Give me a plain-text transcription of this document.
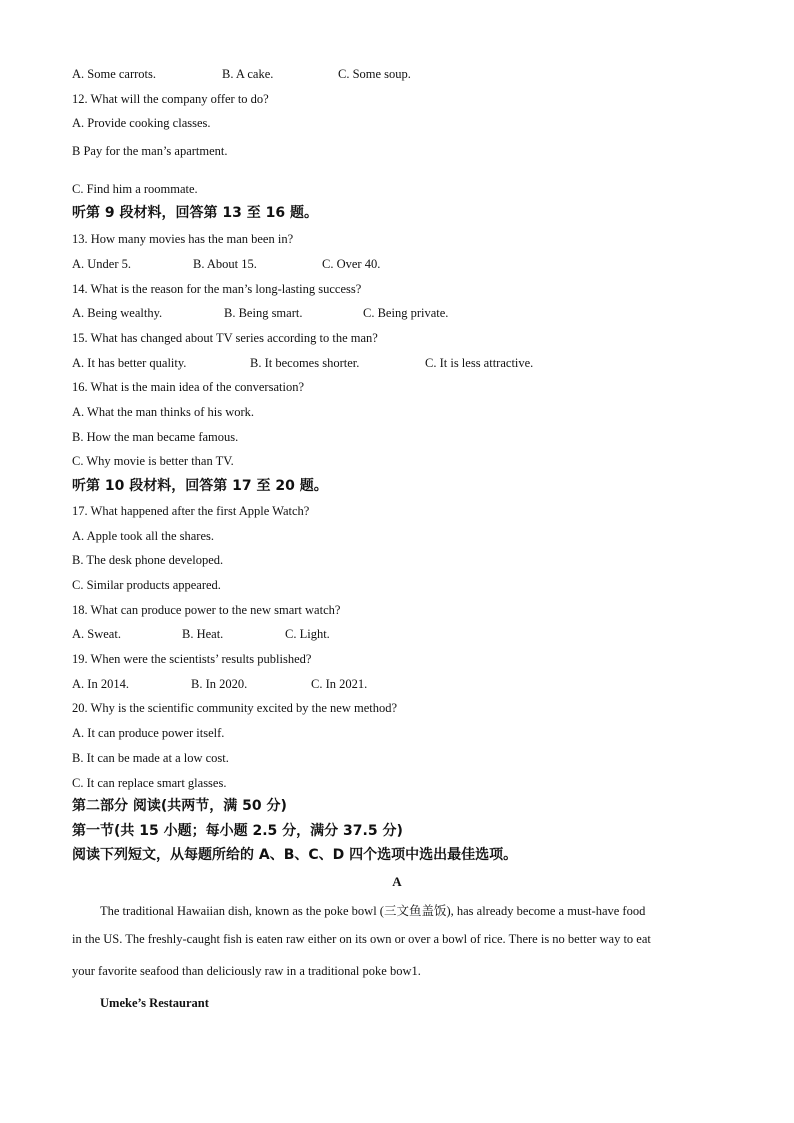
A. Some carrots.	B. A cake.	C. Some soup.
12. What will the company offer to do?
A. Provide cooking classes.
B Pay for the man’s apartment.
C. Find him a roommate.
听第 9 段材料，回答第 13 至 16 题。
13. How many movies has the man been in?
A. Under 5.	B. About 15.	C. Over 40.
14. What is the reason for the man’s long-lasting success?
A. Being wealthy.	B. Being smart.	C. Being private.
15. What has changed about TV series according to the man?
A. It has better quality.	B. It becomes shorter.	C. It is less attractive.
16. What is the main idea of the conversation?
A. What the man thinks of his work.
B. How the man became famous.
C. Why movie is better than TV.
听第 10 段材料，回答第 17 至 20 题。
17. What happened after the first Apple Watch?
A. Apple took all the shares.
B. The desk phone developed.
C. Similar products appeared.
18. What can produce power to the new smart watch?
A. Sweat.	B. Heat.	C. Light.
19. When were the scientists’ results published?
A. In 2014.	B. In 2020.	C. In 2021.
20. Why is the scientific community excited by the new method?
A. It can produce power itself.
B. It can be made at a low cost.
C. It can replace smart glasses.
第二部分 阅读(共两节，满 50 分)
第一节(共 15 小题；每小题 2.5 分，满分 37.5 分)
阅读下列短文，从每题所给的 A、B、C、D 四个选项中选出最佳选项。
A
The traditional Hawaiian dish, known as the poke bowl (三文鱼盖饭), has already become a must-have food
in the US. The freshly-caught fish is eaten raw either on its own or over a bowl of rice. There is no better way to eat
your favorite seafood than deliciously raw in a traditional poke bow1.
Umeke’s Restaurant
